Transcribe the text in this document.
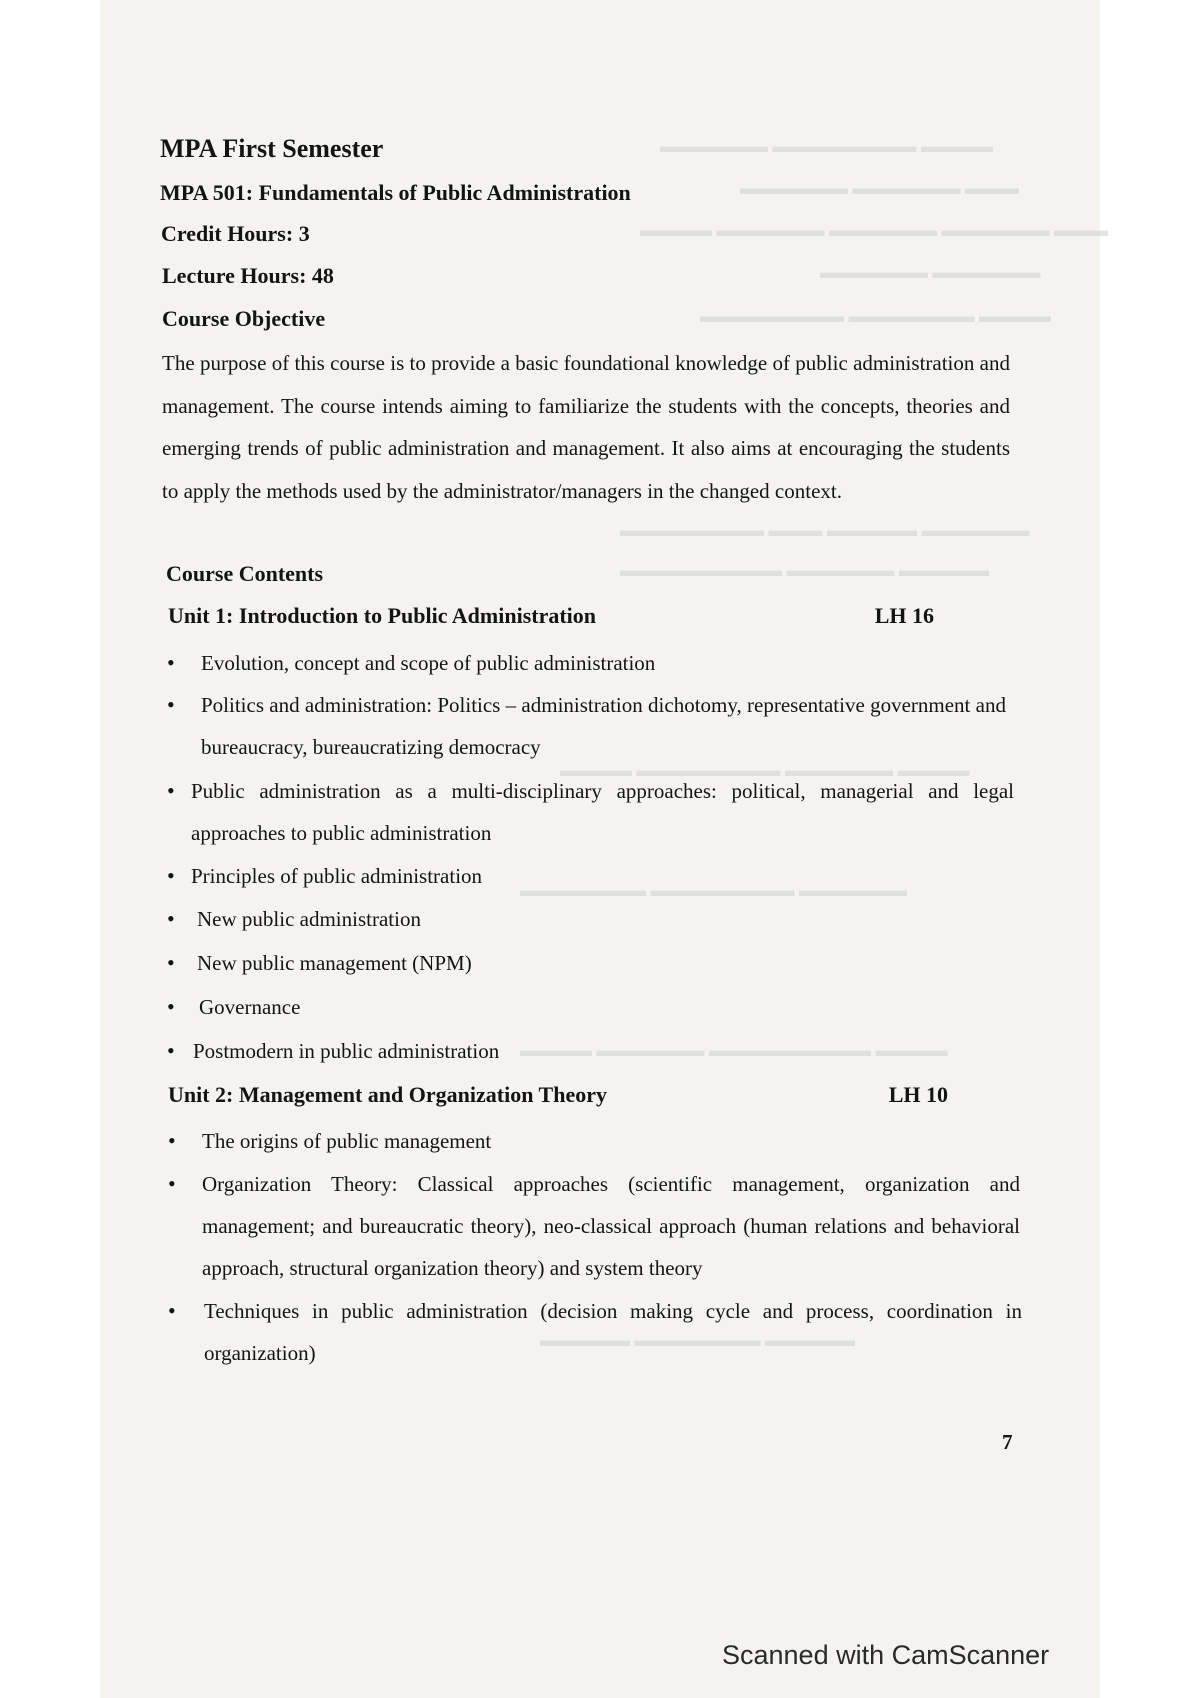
▬▬▬▬ ▬▬▬▬▬▬▬▬ ▬▬▬▬▬▬
▬▬▬ ▬▬▬▬▬▬ ▬▬▬▬▬▬
▬▬▬ ▬▬▬▬▬▬ ▬▬▬▬▬▬ ▬▬▬▬▬▬ ▬▬▬▬
▬▬▬▬▬▬ ▬▬▬▬▬▬
▬▬▬▬ ▬▬▬▬▬▬▬ ▬▬▬▬▬▬▬▬
▬▬▬▬▬▬ ▬▬▬▬▬ ▬▬▬ ▬▬▬▬▬▬▬▬
▬▬▬▬▬ ▬▬▬▬▬▬ ▬▬▬▬▬▬▬▬▬
▬▬▬▬ ▬▬▬▬▬▬ ▬▬▬▬▬▬▬▬ ▬▬▬▬
▬▬▬▬▬▬ ▬▬▬▬▬▬▬▬ ▬▬▬▬▬▬▬
▬▬▬▬ ▬▬▬▬▬▬▬▬▬ ▬▬▬▬▬▬ ▬▬▬▬
▬▬▬▬▬ ▬▬▬▬▬▬▬ ▬▬▬▬▬
MPA First Semester
MPA 501: Fundamentals of Public Administration
Credit Hours: 3
Lecture Hours: 48
Course Objective
The purpose of this course is to provide a basic foundational knowledge of public administration and management. The course intends aiming to familiarize the students with the concepts, theories and emerging trends of public administration and management. It also aims at encouraging the students to apply the methods used by the administrator/managers in the changed context.
Course Contents
Unit 1: Introduction to Public Administration	LH 16
• Evolution, concept and scope of public administration
• Politics and administration: Politics – administration dichotomy, representative government and bureaucracy, bureaucratizing democracy
• Public administration as a multi-disciplinary approaches: political, managerial and legal approaches to public administration
• Principles of public administration
• New public administration
• New public management (NPM)
• Governance
• Postmodern in public administration
Unit 2: Management and Organization Theory	LH 10
• The origins of public management
• Organization Theory: Classical approaches (scientific management, organization and management; and bureaucratic theory), neo-classical approach (human relations and behavioral approach, structural organization theory) and system theory
• Techniques in public administration (decision making cycle and process, coordination in organization)
7
Scanned with CamScanner
